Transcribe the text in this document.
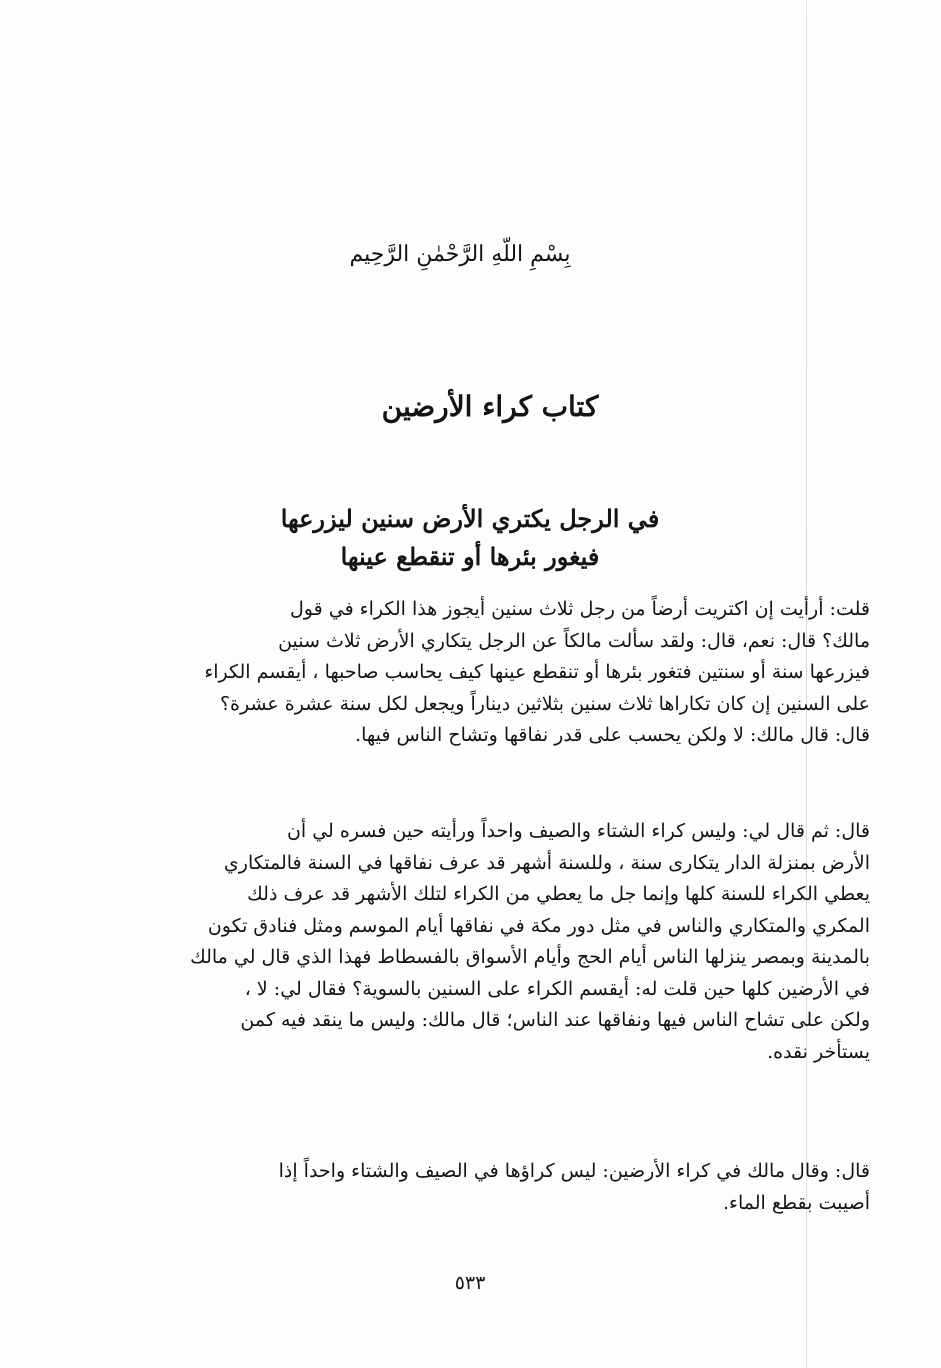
بِسْمِ اللّهِ الرَّحْمٰنِ الرَّحِيم
كتاب كراء الأرضين
في الرجل يكتري الأرض سنين ليزرعها
فيغور بئرها أو تنقطع عينها
قلت: أرأيت إن اكتريت أرضاً من رجل ثلاث سنين أيجوز هذا الكراء في قول
مالك؟ قال: نعم، قال: ولقد سألت مالكاً عن الرجل يتكاري الأرض ثلاث سنين
فيزرعها سنة أو سنتين فتغور بئرها أو تنقطع عينها كيف يحاسب صاحبها ، أيقسم الكراء
على السنين إن كان تكاراها ثلاث سنين بثلاثين ديناراً ويجعل لكل سنة عشرة عشرة؟
قال: قال مالك: لا ولكن يحسب على قدر نفاقها وتشاح الناس فيها.
قال: ثم قال لي: وليس كراء الشتاء والصيف واحداً ورأيته حين فسره لي أن
الأرض بمنزلة الدار يتكارى سنة ، وللسنة أشهر قد عرف نفاقها في السنة فالمتكاري
يعطي الكراء للسنة كلها وإنما جل ما يعطي من الكراء لتلك الأشهر قد عرف ذلك
المكري والمتكاري والناس في مثل دور مكة في نفاقها أيام الموسم ومثل فنادق تكون
بالمدينة وبمصر ينزلها الناس أيام الحج وأيام الأسواق بالفسطاط فهذا الذي قال لي مالك
في الأرضين كلها حين قلت له: أيقسم الكراء على السنين بالسوية؟ فقال لي: لا ،
ولكن على تشاح الناس فيها ونفاقها عند الناس؛ قال مالك: وليس ما ينقد فيه كمن
يستأخر نقده.
قال: وقال مالك في كراء الأرضين: ليس كراؤها في الصيف والشتاء واحداً إذا
أصيبت بقطع الماء.
٥٣٣
